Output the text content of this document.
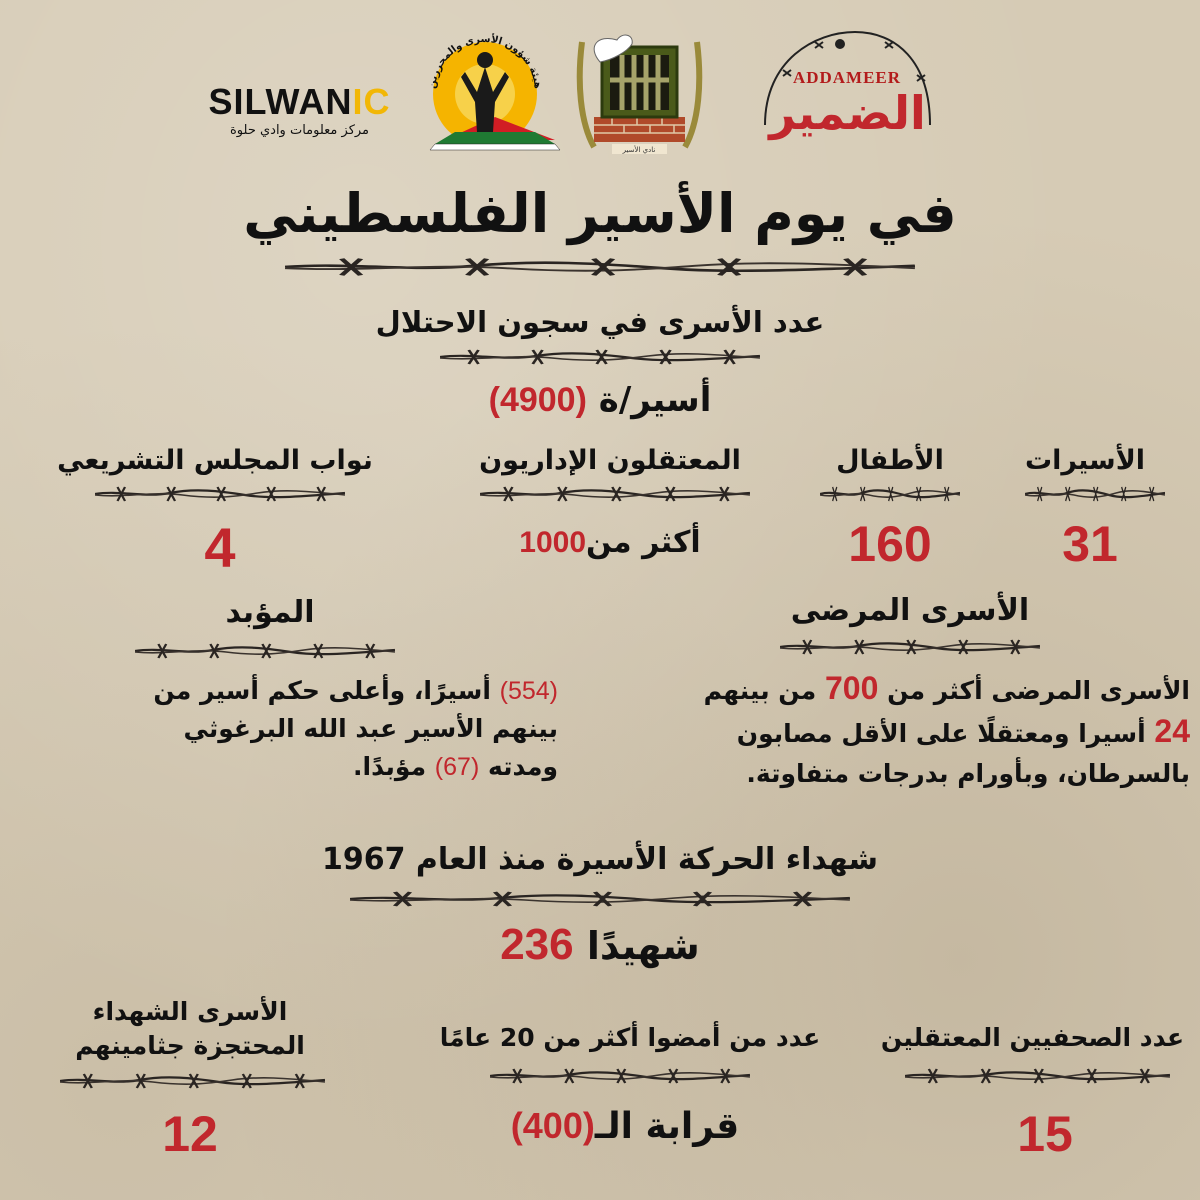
SILWANIC
مركز معلومات وادي حلوة
هيئة شؤون الأسرى والمحررين
نادي الأسير
ADDAMEER
الضمير
في يوم الأسير الفلسطيني
عدد الأسرى في سجون الاحتلال
أسير/ة (4900)
الأسيرات
31
الأطفال
160
المعتقلون الإداريون
أكثر من1000
نواب المجلس التشريعي
4
الأسرى المرضى
الأسرى المرضى أكثر من 700 من بينهم
24 أسيرا ومعتقلًا على الأقل مصابون
بالسرطان، وبأورام بدرجات متفاوتة.
المؤبد
(554) أسيرًا، وأعلى حكم أسير من
بينهم الأسير عبد الله البرغوثي
ومدته (67) مؤبدًا.
شهداء الحركة الأسيرة منذ العام 1967
شهيدًا 236
عدد الصحفيين المعتقلين
15
عدد من أمضوا أكثر من 20 عامًا
قرابة الـ(400)
الأسرى الشهداء
المحتجزة جثامينهم
12
